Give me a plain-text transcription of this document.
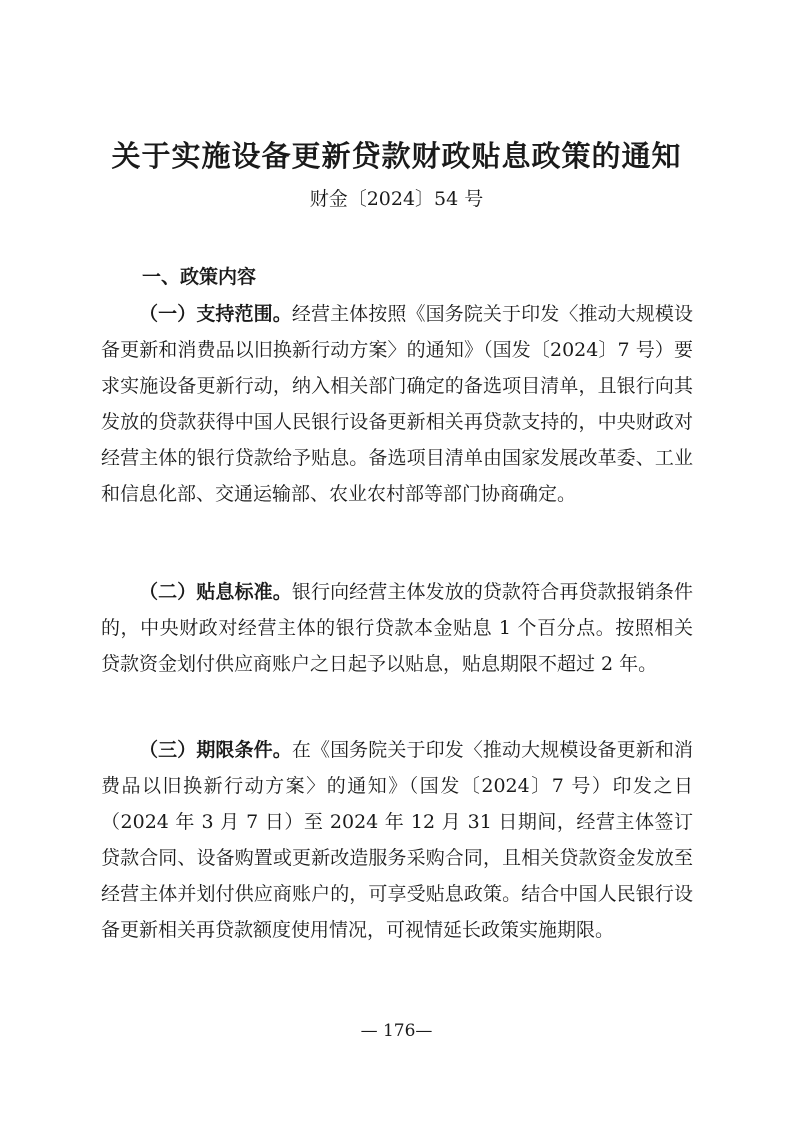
关于实施设备更新贷款财政贴息政策的通知
财金〔2024〕54 号
一、政策内容
（一）支持范围。经营主体按照《国务院关于印发〈推动大规模设备更新和消费品以旧换新行动方案〉的通知》（国发〔2024〕7 号）要求实施设备更新行动，纳入相关部门确定的备选项目清单，且银行向其发放的贷款获得中国人民银行设备更新相关再贷款支持的，中央财政对经营主体的银行贷款给予贴息。备选项目清单由国家发展改革委、工业和信息化部、交通运输部、农业农村部等部门协商确定。
（二）贴息标准。银行向经营主体发放的贷款符合再贷款报销条件的，中央财政对经营主体的银行贷款本金贴息 1 个百分点。按照相关贷款资金划付供应商账户之日起予以贴息，贴息期限不超过 2 年。
（三）期限条件。在《国务院关于印发〈推动大规模设备更新和消费品以旧换新行动方案〉的通知》（国发〔2024〕7 号）印发之日（2024 年 3 月 7 日）至 2024 年 12 月 31 日期间，经营主体签订贷款合同、设备购置或更新改造服务采购合同，且相关贷款资金发放至经营主体并划付供应商账户的，可享受贴息政策。结合中国人民银行设备更新相关再贷款额度使用情况，可视情延长政策实施期限。
— 176—
